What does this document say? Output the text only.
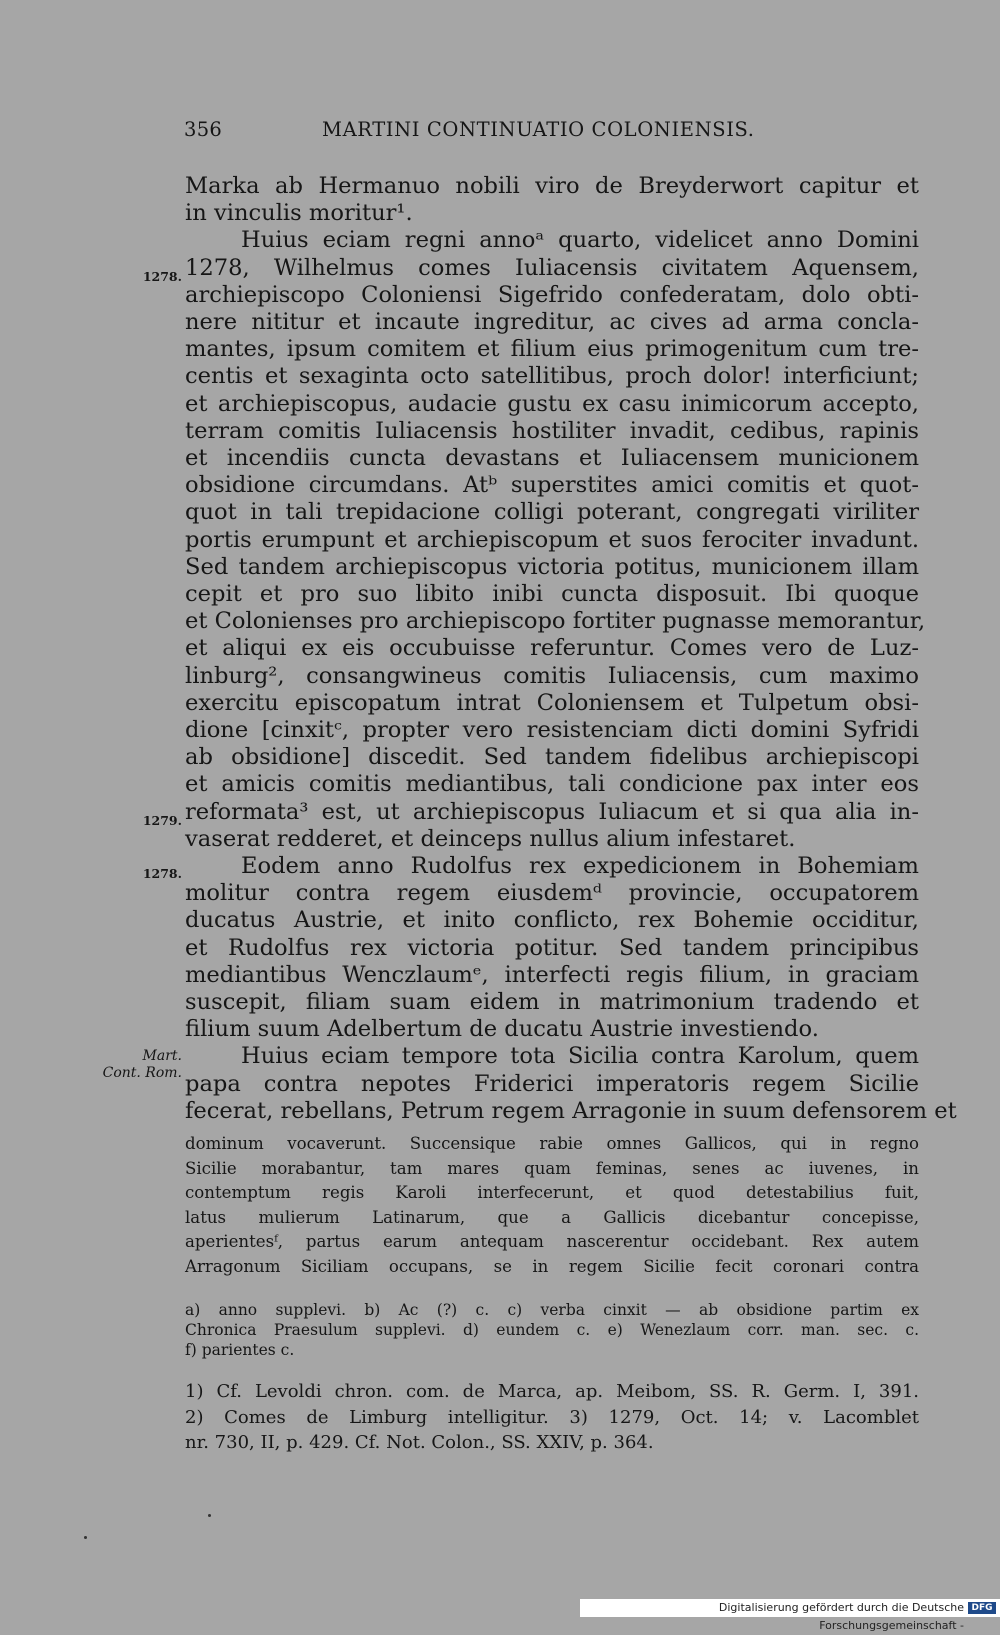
356	MARTINI CONTINUATIO COLONIENSIS.
1278.
1279.
1278.
Mart.
Cont. Rom.
Marka ab Hermanuo nobili viro de Breyderwort capitur et
in vinculis moritur¹.
Huius eciam regni annoᵃ quarto, videlicet anno Domini
1278, Wilhelmus comes Iuliacensis civitatem Aquensem,
archiepiscopo Coloniensi Sigefrido confederatam, dolo obti-
nere nititur et incaute ingreditur, ac cives ad arma concla-
mantes, ipsum comitem et filium eius primogenitum cum tre-
centis et sexaginta octo satellitibus, proch dolor! interficiunt;
et archiepiscopus, audacie gustu ex casu inimicorum accepto,
terram comitis Iuliacensis hostiliter invadit, cedibus, rapinis
et incendiis cuncta devastans et Iuliacensem municionem
obsidione circumdans. Atᵇ superstites amici comitis et quot-
quot in tali trepidacione colligi poterant, congregati viriliter
portis erumpunt et archiepiscopum et suos ferociter invadunt.
Sed tandem archiepiscopus victoria potitus, municionem illam
cepit et pro suo libito inibi cuncta disposuit. Ibi quoque
et Colonienses pro archiepiscopo fortiter pugnasse memorantur,
et aliqui ex eis occubuisse referuntur. Comes vero de Luz-
linburg², consangwineus comitis Iuliacensis, cum maximo
exercitu episcopatum intrat Coloniensem et Tulpetum obsi-
dione [cinxitᶜ, propter vero resistenciam dicti domini Syfridi
ab obsidione] discedit. Sed tandem fidelibus archiepiscopi
et amicis comitis mediantibus, tali condicione pax inter eos
reformata³ est, ut archiepiscopus Iuliacum et si qua alia in-
vaserat redderet, et deinceps nullus alium infestaret.
Eodem anno Rudolfus rex expedicionem in Bohemiam
molitur contra regem eiusdemᵈ provincie, occupatorem
ducatus Austrie, et inito conflicto, rex Bohemie occiditur,
et Rudolfus rex victoria potitur. Sed tandem principibus
mediantibus Wenczlaumᵉ, interfecti regis filium, in graciam
suscepit, filiam suam eidem in matrimonium tradendo et
filium suum Adelbertum de ducatu Austrie investiendo.
Huius eciam tempore tota Sicilia contra Karolum, quem
papa contra nepotes Friderici imperatoris regem Sicilie
fecerat, rebellans, Petrum regem Arragonie in suum defensorem et
dominum vocaverunt. Succensique rabie omnes Gallicos, qui in regno
Sicilie morabantur, tam mares quam feminas, senes ac iuvenes, in
contemptum regis Karoli interfecerunt, et quod detestabilius fuit,
latus mulierum Latinarum, que a Gallicis dicebantur concepisse,
aperientesᶠ, partus earum antequam nascerentur occidebant. Rex autem
Arragonum Siciliam occupans, se in regem Sicilie fecit coronari contra
a) anno supplevi. b) Ac (?) c. c) verba cinxit — ab obsidione partim ex
Chronica Praesulum supplevi. d) eundem c. e) Wenezlaum corr. man. sec. c.
f) parientes c.
1) Cf. Levoldi chron. com. de Marca, ap. Meibom, SS. R. Germ. I, 391.
2) Comes de Limburg intelligitur. 3) 1279, Oct. 14; v. Lacomblet
nr. 730, II, p. 429. Cf. Not. Colon., SS. XXIV, p. 364.
Digitalisierung gefördert durch die Deutsche Forschungsgemeinschaft -
DFG
